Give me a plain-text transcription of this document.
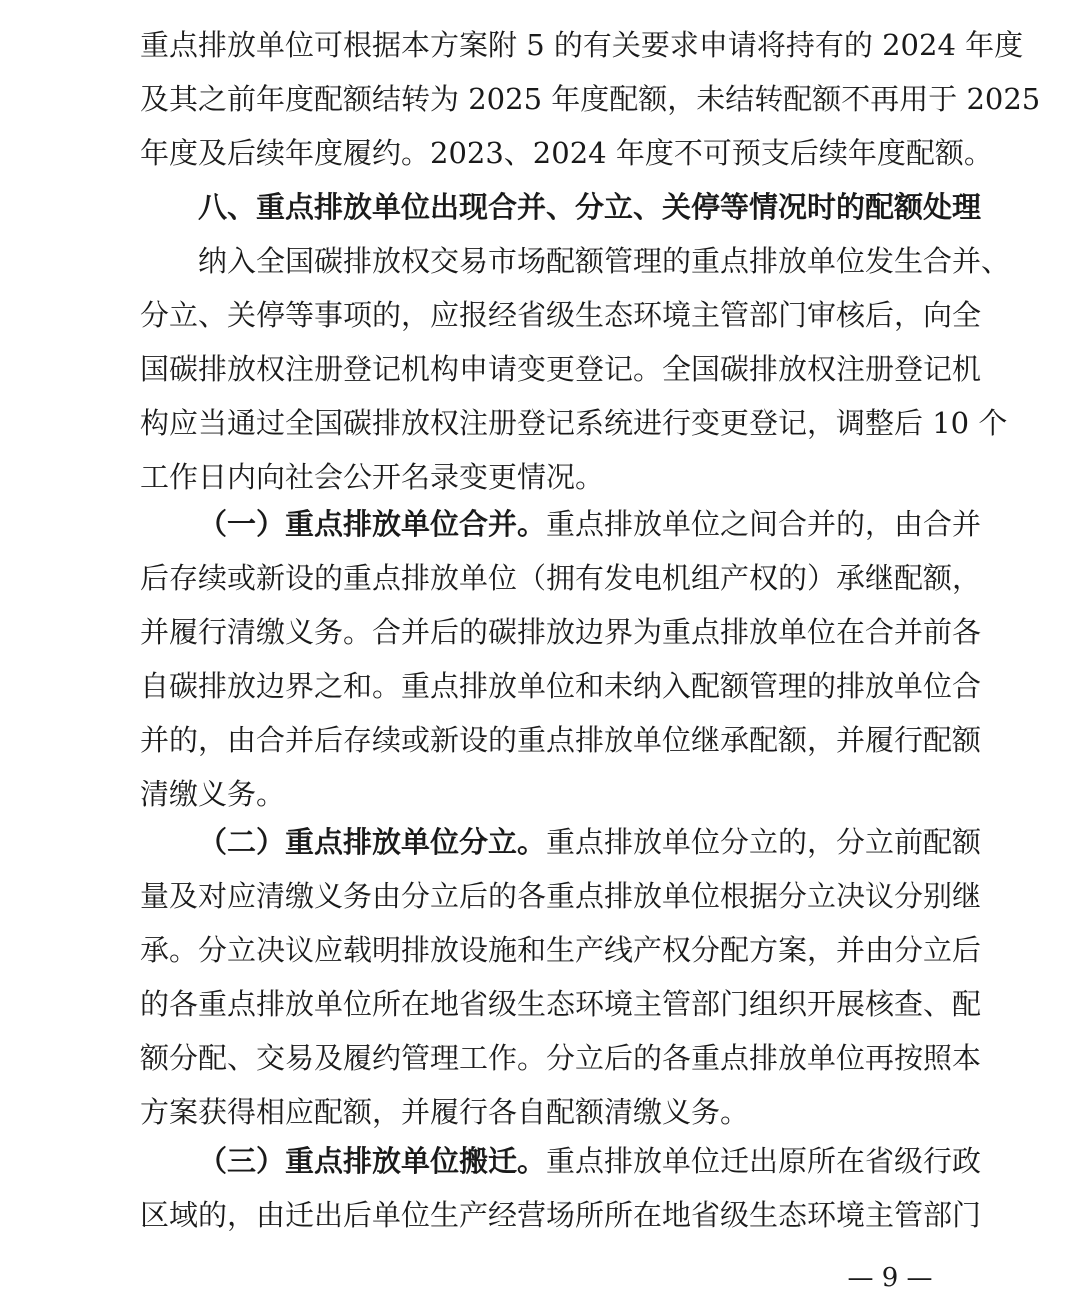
重点排放单位可根据本方案附 5 的有关要求申请将持有的 2024 年度
及其之前年度配额结转为 2025 年度配额，未结转配额不再用于 2025
年度及后续年度履约。2023、2024 年度不可预支后续年度配额。
八、重点排放单位出现合并、分立、关停等情况时的配额处理
纳入全国碳排放权交易市场配额管理的重点排放单位发生合并、
分立、关停等事项的，应报经省级生态环境主管部门审核后，向全
国碳排放权注册登记机构申请变更登记。全国碳排放权注册登记机
构应当通过全国碳排放权注册登记系统进行变更登记，调整后 10 个
工作日内向社会公开名录变更情况。
（一）重点排放单位合并。重点排放单位之间合并的，由合并
后存续或新设的重点排放单位（拥有发电机组产权的）承继配额，
并履行清缴义务。合并后的碳排放边界为重点排放单位在合并前各
自碳排放边界之和。重点排放单位和未纳入配额管理的排放单位合
并的，由合并后存续或新设的重点排放单位继承配额，并履行配额
清缴义务。
（二）重点排放单位分立。重点排放单位分立的，分立前配额
量及对应清缴义务由分立后的各重点排放单位根据分立决议分别继
承。分立决议应载明排放设施和生产线产权分配方案，并由分立后
的各重点排放单位所在地省级生态环境主管部门组织开展核查、配
额分配、交易及履约管理工作。分立后的各重点排放单位再按照本
方案获得相应配额，并履行各自配额清缴义务。
（三）重点排放单位搬迁。重点排放单位迁出原所在省级行政
区域的，由迁出后单位生产经营场所所在地省级生态环境主管部门
— 9 —
